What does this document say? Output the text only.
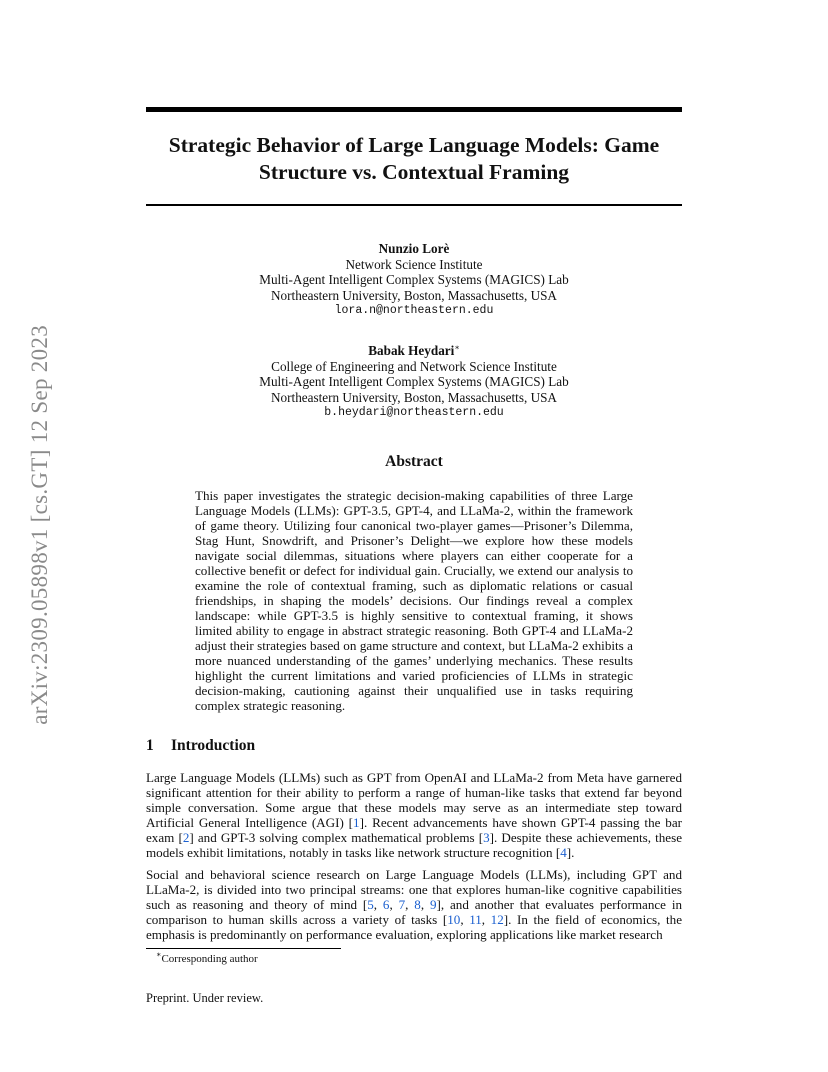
arXiv:2309.05898v1 [cs.GT] 12 Sep 2023
Strategic Behavior of Large Language Models: Game Structure vs. Contextual Framing
Nunzio Lorè
Network Science Institute
Multi-Agent Intelligent Complex Systems (MAGICS) Lab
Northeastern University, Boston, Massachusetts, USA
lora.n@northeastern.edu
Babak Heydari∗
College of Engineering and Network Science Institute
Multi-Agent Intelligent Complex Systems (MAGICS) Lab
Northeastern University, Boston, Massachusetts, USA
b.heydari@northeastern.edu
Abstract
This paper investigates the strategic decision-making capabilities of three Large Language Models (LLMs): GPT-3.5, GPT-4, and LLaMa-2, within the framework of game theory. Utilizing four canonical two-player games—Prisoner’s Dilemma, Stag Hunt, Snowdrift, and Prisoner’s Delight—we explore how these models navigate social dilemmas, situations where players can either cooperate for a collective benefit or defect for individual gain. Crucially, we extend our analysis to examine the role of contextual framing, such as diplomatic relations or casual friendships, in shaping the models’ decisions. Our findings reveal a complex landscape: while GPT-3.5 is highly sensitive to contextual framing, it shows limited ability to engage in abstract strategic reasoning. Both GPT-4 and LLaMa-2 adjust their strategies based on game structure and context, but LLaMa-2 exhibits a more nuanced understanding of the games’ underlying mechanics. These results highlight the current limitations and varied proficiencies of LLMs in strategic decision-making, cautioning against their unqualified use in tasks requiring complex strategic reasoning.
1 Introduction
Large Language Models (LLMs) such as GPT from OpenAI and LLaMa-2 from Meta have garnered significant attention for their ability to perform a range of human-like tasks that extend far beyond simple conversation. Some argue that these models may serve as an intermediate step toward Artificial General Intelligence (AGI) [1]. Recent advancements have shown GPT-4 passing the bar exam [2] and GPT-3 solving complex mathematical problems [3]. Despite these achievements, these models exhibit limitations, notably in tasks like network structure recognition [4].
Social and behavioral science research on Large Language Models (LLMs), including GPT and LLaMa-2, is divided into two principal streams: one that explores human-like cognitive capabilities such as reasoning and theory of mind [5, 6, 7, 8, 9], and another that evaluates performance in comparison to human skills across a variety of tasks [10, 11, 12]. In the field of economics, the emphasis is predominantly on performance evaluation, exploring applications like market research
∗Corresponding author
Preprint. Under review.
